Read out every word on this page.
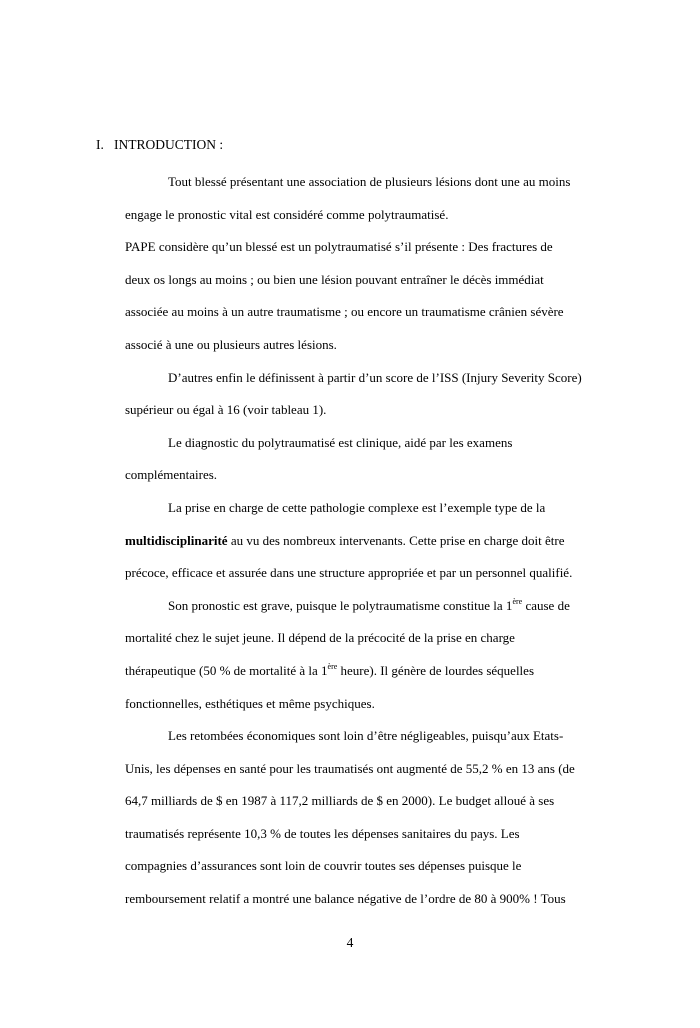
I. INTRODUCTION :
Tout blessé présentant une association de plusieurs lésions dont une au moins
engage le pronostic vital est considéré comme polytraumatisé.
PAPE considère qu’un blessé est un polytraumatisé s’il présente : Des fractures de
deux os longs au moins ; ou bien une lésion pouvant entraîner le décès immédiat
associée au moins à un autre traumatisme ; ou encore un traumatisme crânien sévère
associé à une ou plusieurs autres lésions.
D’autres enfin le définissent à partir d’un score de l’ISS (Injury Severity Score)
supérieur ou égal à 16 (voir tableau 1).
Le diagnostic du polytraumatisé est clinique, aidé par les examens
complémentaires.
La prise en charge de cette pathologie complexe est l’exemple type de la
multidisciplinarité au vu des nombreux intervenants. Cette prise en charge doit être
précoce, efficace et assurée dans une structure appropriée et par un personnel qualifié.
Son pronostic est grave, puisque le polytraumatisme constitue la 1ère cause de
mortalité chez le sujet jeune. Il dépend de la précocité de la prise en charge
thérapeutique (50 % de mortalité à la 1ère heure). Il génère de lourdes séquelles
fonctionnelles, esthétiques et même psychiques.
Les retombées économiques sont loin d’être négligeables, puisqu’aux Etats-
Unis, les dépenses en santé pour les traumatisés ont augmenté de 55,2 % en 13 ans (de
64,7 milliards de $ en 1987 à 117,2 milliards de $ en 2000). Le budget alloué à ses
traumatisés représente 10,3 % de toutes les dépenses sanitaires du pays. Les
compagnies d’assurances sont loin de couvrir toutes ses dépenses puisque le
remboursement relatif a montré une balance négative de l’ordre de 80 à 900% ! Tous
4
